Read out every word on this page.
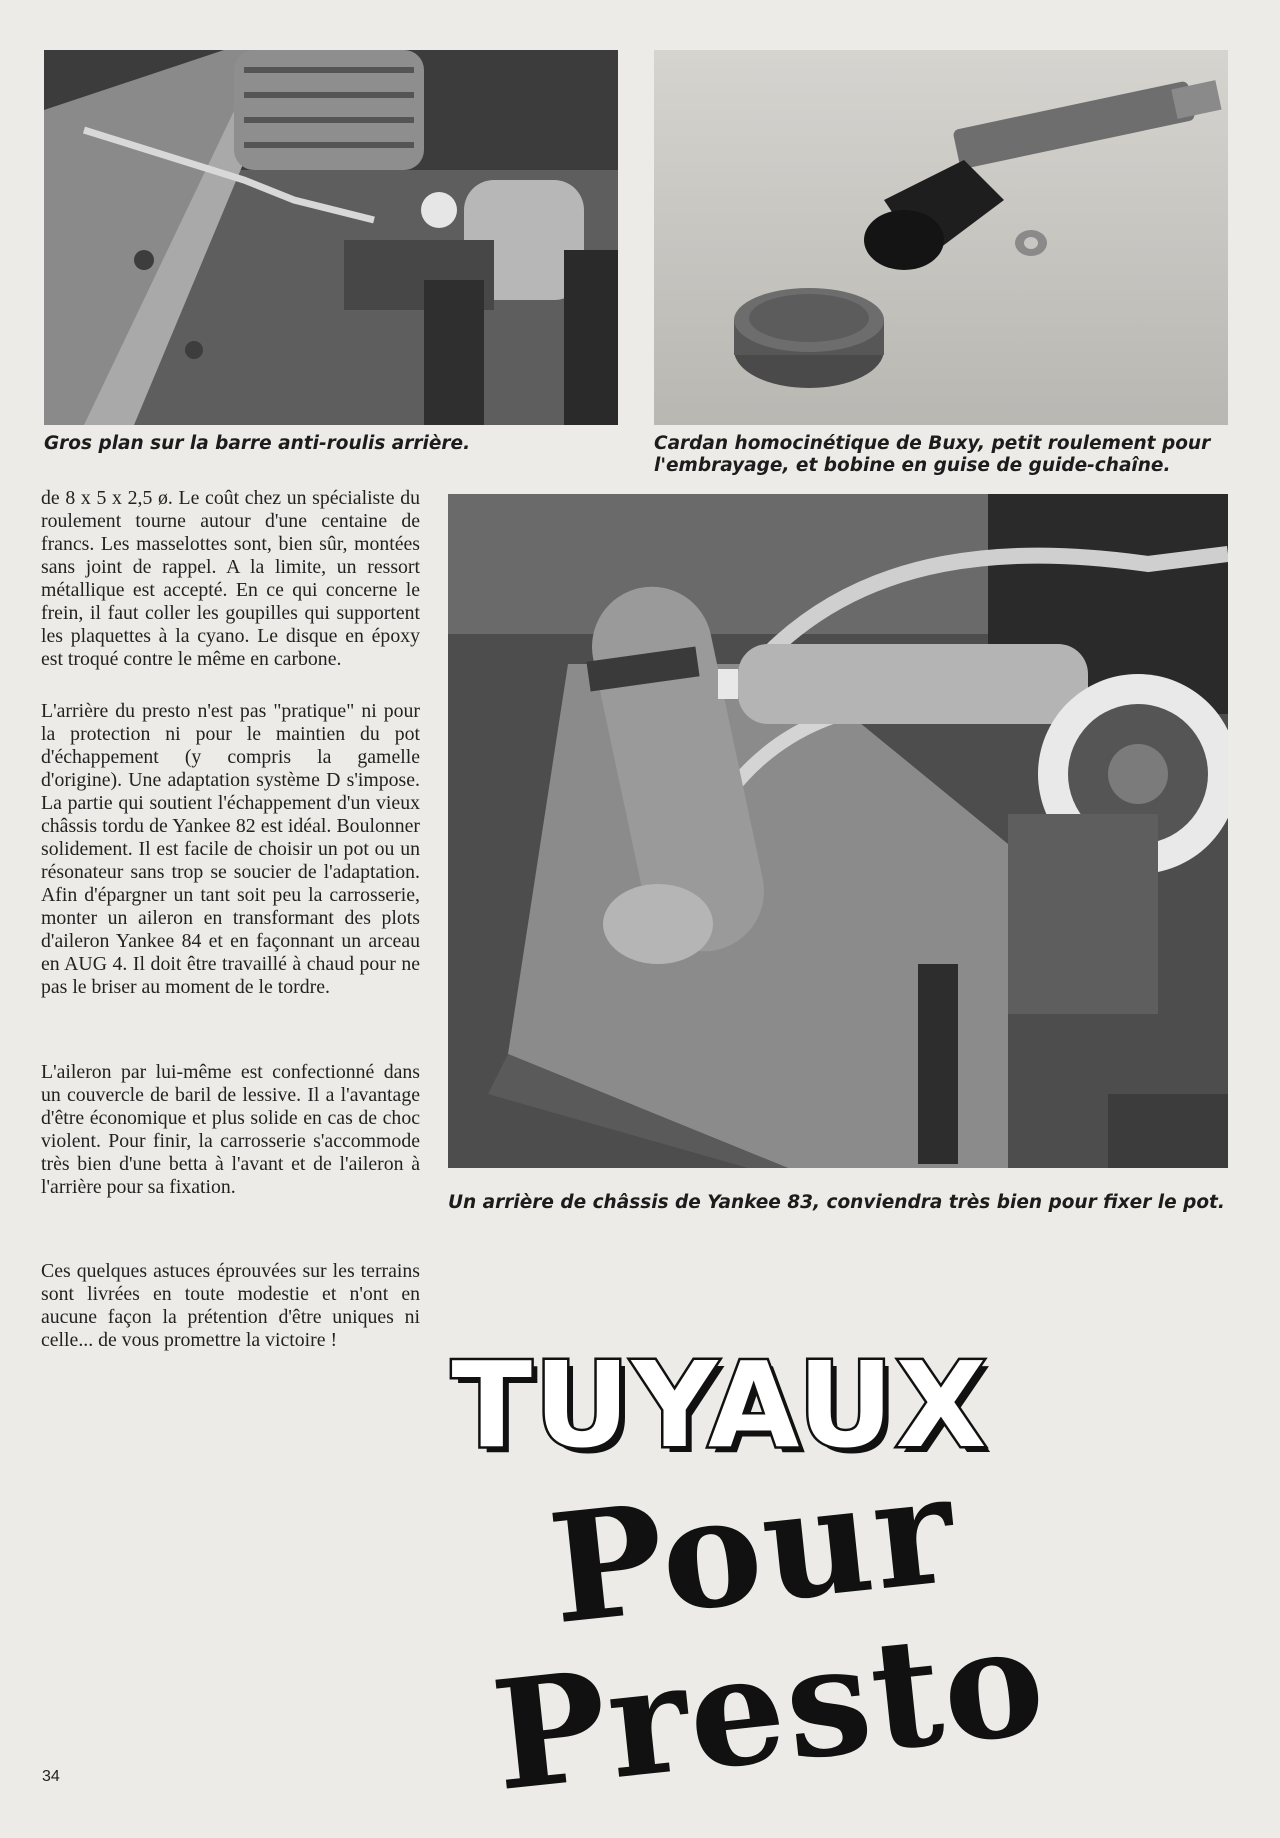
Gros plan sur la barre anti-roulis arrière.	Cardan homocinétique de Buxy, petit roulement pour l'embrayage, et bobine en guise de guide-chaîne.

Un arrière de châssis de Yankee 83, conviendra très bien pour fixer le pot.

de 8 x 5 x 2,5 ø. Le coût chez un spécialiste du roulement tourne autour d'une centaine de francs. Les masselottes sont, bien sûr, montées sans joint de rappel. A la limite, un ressort métallique est accepté. En ce qui concerne le frein, il faut coller les goupilles qui supportent les plaquettes à la cyano. Le disque en époxy est troqué contre le même en carbone.

L'arrière du presto n'est pas "pratique" ni pour la protection ni pour le maintien du pot d'échappement (y compris la gamelle d'origine). Une adaptation système D s'impose. La partie qui soutient l'échappement d'un vieux châssis tordu de Yankee 82 est idéal. Boulonner solidement. Il est facile de choisir un pot ou un résonateur sans trop se soucier de l'adaptation. Afin d'épargner un tant soit peu la carrosserie, monter un aileron en transformant des plots d'aileron Yankee 84 et en façonnant un arceau en AUG 4. Il doit être travaillé à chaud pour ne pas le briser au moment de le tordre.

L'aileron par lui-même est confectionné dans un couvercle de baril de lessive. Il a l'avantage d'être économique et plus solide en cas de choc violent. Pour finir, la carrosserie s'accommode très bien d'une betta à l'avant et de l'aileron à l'arrière pour sa fixation.

Ces quelques astuces éprouvées sur les terrains sont livrées en toute modestie et n'ont en aucune façon la prétention d'être uniques ni celle... de vous promettre la victoire ! TUYAUX
Pour Presto

34
